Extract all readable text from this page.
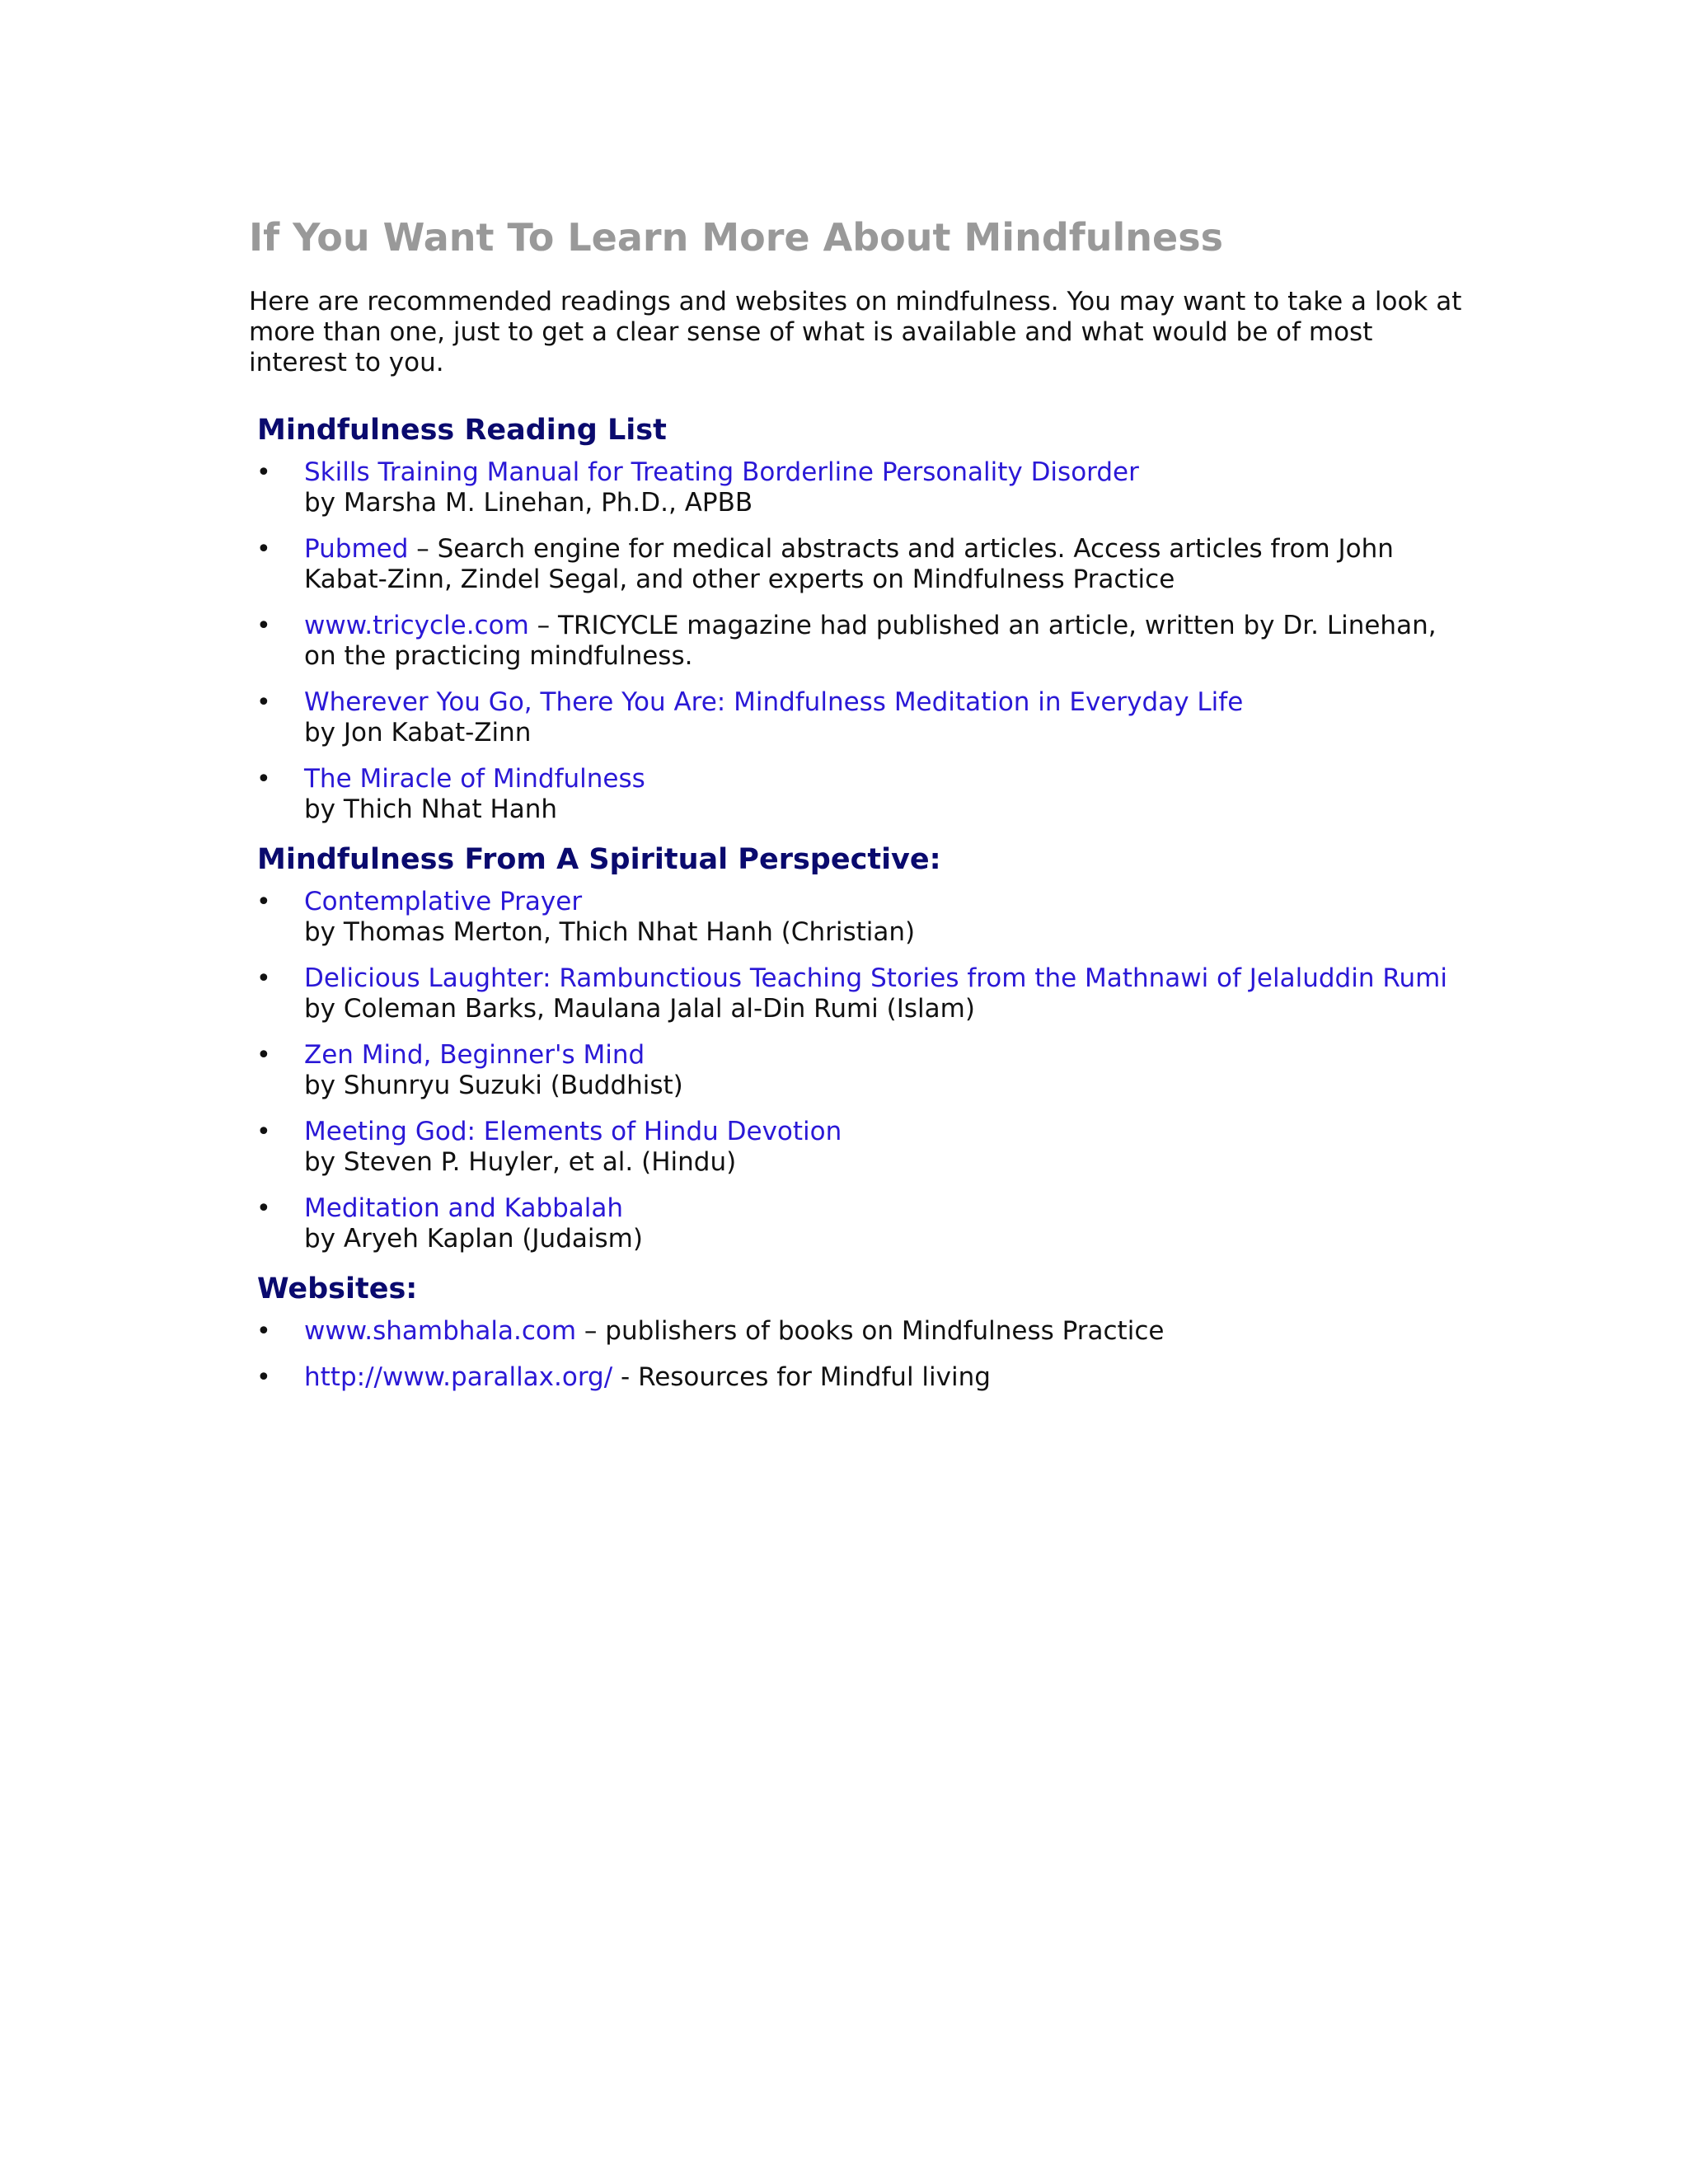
If You Want To Learn More About Mindfulness

Here are recommended readings and websites on mindfulness. You may want to take a look at
more than one, just to get a clear sense of what is available and what would be of most
interest to you.

Mindfulness Reading List
• Skills Training Manual for Treating Borderline Personality Disorder
by Marsha M. Linehan, Ph.D., APBB
• Pubmed – Search engine for medical abstracts and articles. Access articles from John
Kabat-Zinn, Zindel Segal, and other experts on Mindfulness Practice
• www.tricycle.com – TRICYCLE magazine had published an article, written by Dr. Linehan,
on the practicing mindfulness.
• Wherever You Go, There You Are: Mindfulness Meditation in Everyday Life
by Jon Kabat-Zinn
• The Miracle of Mindfulness
by Thich Nhat Hanh
Mindfulness From A Spiritual Perspective:
• Contemplative Prayer
by Thomas Merton, Thich Nhat Hanh (Christian)
• Delicious Laughter: Rambunctious Teaching Stories from the Mathnawi of Jelaluddin Rumi
by Coleman Barks, Maulana Jalal al-Din Rumi (Islam)
• Zen Mind, Beginner's Mind
by Shunryu Suzuki (Buddhist)
• Meeting God: Elements of Hindu Devotion
by Steven P. Huyler, et al. (Hindu)
• Meditation and Kabbalah
by Aryeh Kaplan (Judaism)
Websites:
• www.shambhala.com – publishers of books on Mindfulness Practice
• http://www.parallax.org/ - Resources for Mindful living
